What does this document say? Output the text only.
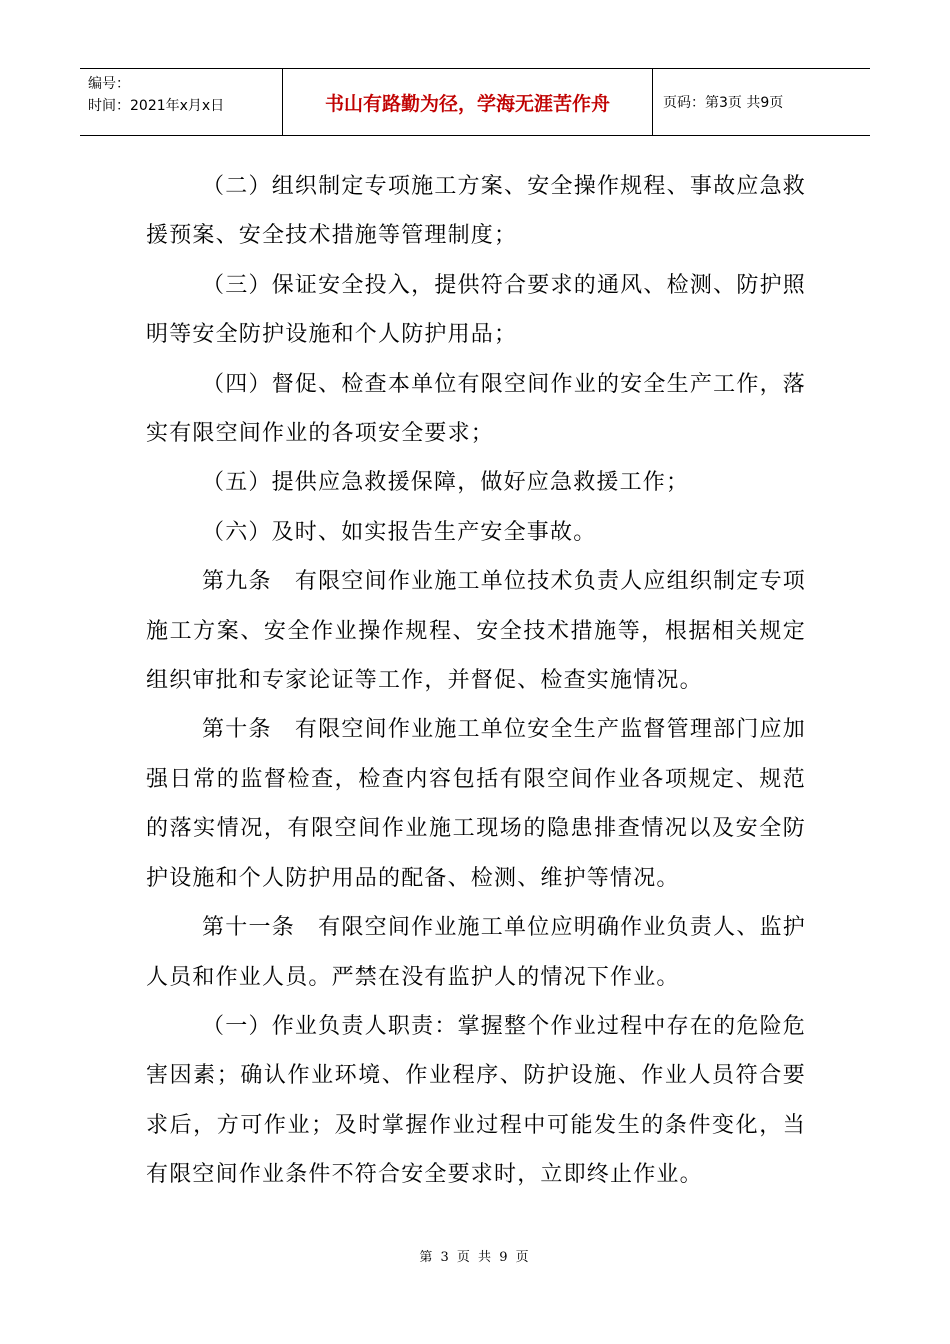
编号：
时间：2021年x月x日	书山有路勤为径，学海无涯苦作舟	页码：第3页 共9页

（二）组织制定专项施工方案、安全操作规程、事故应急救援预案、安全技术措施等管理制度；

（三）保证安全投入，提供符合要求的通风、检测、防护照明等安全防护设施和个人防护用品；

（四）督促、检查本单位有限空间作业的安全生产工作，落实有限空间作业的各项安全要求；

（五）提供应急救援保障，做好应急救援工作；

（六）及时、如实报告生产安全事故。

第九条　有限空间作业施工单位技术负责人应组织制定专项施工方案、安全作业操作规程、安全技术措施等，根据相关规定组织审批和专家论证等工作，并督促、检查实施情况。

第十条　有限空间作业施工单位安全生产监督管理部门应加强日常的监督检查，检查内容包括有限空间作业各项规定、规范的落实情况，有限空间作业施工现场的隐患排查情况以及安全防护设施和个人防护用品的配备、检测、维护等情况。

第十一条　有限空间作业施工单位应明确作业负责人、监护人员和作业人员。严禁在没有监护人的情况下作业。

（一）作业负责人职责：掌握整个作业过程中存在的危险危害因素；确认作业环境、作业程序、防护设施、作业人员符合要求后，方可作业；及时掌握作业过程中可能发生的条件变化，当有限空间作业条件不符合安全要求时，立即终止作业。

第 3 页 共 9 页
